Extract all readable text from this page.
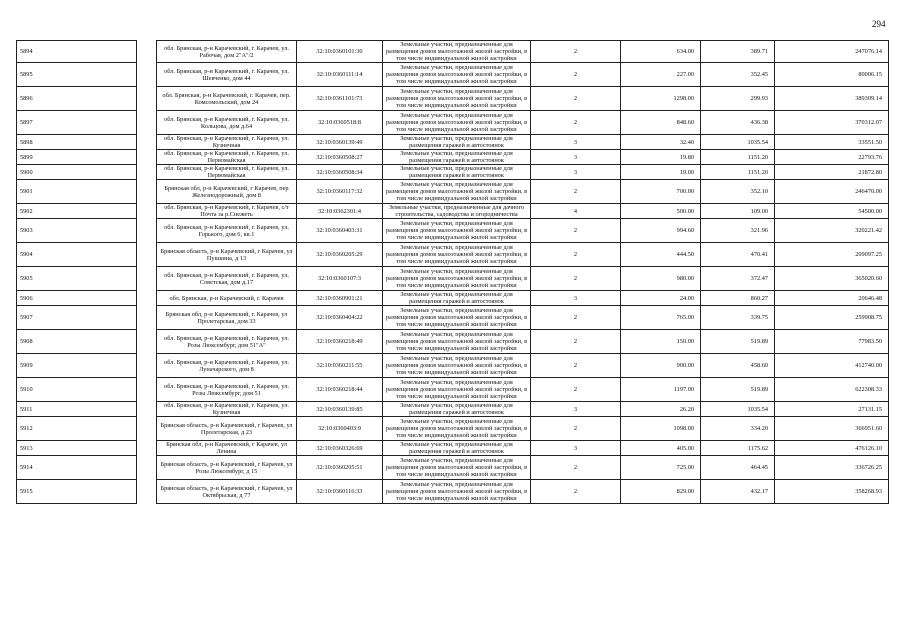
294
5894		обл. Брянская, р-н Карачевский, г. Карачев, ул. Рабочая, дом 2"А"/2	32:10:0360101:30	Земельные участки, предназначенные для размещения домов малоэтажной жилой застройки, в том числе индивидуальной жилой застройки	2	634.00	389.71	247076.14
5895		обл. Брянская, р-н Карачевский, г. Карачев, ул. Шевченко, дом 44	32:10:0360111:14	Земельные участки, предназначенные для размещения домов малоэтажной жилой застройки, в том числе индивидуальной жилой застройки	2	227.00	352.45	80006.15
5896		обл. Брянская, р-н Карачевский, г. Карачев, пер. Комсомольский, дом 24	32:10:0361101:73	Земельные участки, предназначенные для размещения домов малоэтажной жилой застройки, в том числе индивидуальной жилой застройки	2	1298.00	299.93	389309.14
5897		обл. Брянская, р-н Карачевский, г. Карачев, ул. Кольцова, дом д.64	32:10:0360518:8	Земельные участки, предназначенные для размещения домов малоэтажной жилой застройки, в том числе индивидуальной жилой застройки	2	848.60	436.38	370312.07
5898		обл. Брянская, р-н Карачевский, г. Карачев, ул. Кузнечная	32:10:0360139:49	Земельные участки, предназначенные для размещения гаражей и автостоянок	3	32.40	1035.54	33551.50
5899		обл. Брянская, р-н Карачевский, г. Карачев, ул. Первомайская	32:10:0360508:27	Земельные участки, предназначенные для размещения гаражей и автостоянок	3	19.80	1151.20	22793.76
5900		обл. Брянская, р-н Карачевский, г. Карачев, ул. Первомайская	32:10:0360508:34	Земельные участки, предназначенные для размещения гаражей и автостоянок	3	19.00	1151.20	21872.80
5901		Брянская обл, р-н Карачевский, г Карачев, пер Железнодорожный, дом 8	32:10:0360117:32	Земельные участки, предназначенные для размещения домов малоэтажной жилой застройки, в том числе индивидуальной жилой застройки	2	700.00	352.10	246470.00
5902		обл. Брянская, р-н Карачевский, г. Карачев, с/т Почта за р.Снежеть	32:10:0362301:4	Земельные участки, предназначенные для дачного строительства, садоводства и огородничества	4	500.00	109.00	54500.00
5903		обл. Брянская, р-н Карачевский, г. Карачев, ул. Горького, дом 6, кв.1	32:10:0360403:31	Земельные участки, предназначенные для размещения домов малоэтажной жилой застройки, в том числе индивидуальной жилой застройки	2	994.60	321.96	320221.42
5904		Брянская область, р-н Карачевский, г Карачев, ул Пушкина, д 13	32:10:0360205:29	Земельные участки, предназначенные для размещения домов малоэтажной жилой застройки, в том числе индивидуальной жилой застройки	2	444.50	470.41	209097.25
5905		обл. Брянская, р-н Карачевский, г. Карачев, ул. Советская, дом д.17	32:10:0360107:3	Земельные участки, предназначенные для размещения домов малоэтажной жилой застройки, в том числе индивидуальной жилой застройки	2	980.00	372.47	365020.60
5906		обл. Брянская, р-н Карачевский, г. Карачев	32:10:0360901:21	Земельные участки, предназначенные для размещения гаражей и автостоянок	3	24.00	860.27	20646.48
5907		Брянская обл, р-н Карачевский, г. Карачев, ул Пролетарская, дом 33	32:10:0360404:22	Земельные участки, предназначенные для размещения домов малоэтажной жилой застройки, в том числе индивидуальной жилой застройки	2	765.00	339.75	259908.75
5908		обл. Брянская, р-н Карачевский, г. Карачев, ул. Розы Люксембург, дом 51"А"	32:10:0360218:49	Земельные участки, предназначенные для размещения домов малоэтажной жилой застройки, в том числе индивидуальной жилой застройки	2	150.00	519.89	77983.50
5909		обл. Брянская, р-н Карачевский, г. Карачев, ул. Луначарского, дом 8	32:10:0360211:55	Земельные участки, предназначенные для размещения домов малоэтажной жилой застройки, в том числе индивидуальной жилой застройки	2	900.00	458.60	412740.00
5910		обл. Брянская, р-н Карачевский, г. Карачев, ул. Розы Люксембург, дом 51	32:10:0360218:44	Земельные участки, предназначенные для размещения домов малоэтажной жилой застройки, в том числе индивидуальной жилой застройки	2	1197.00	519.89	622308.33
5911		обл. Брянская, р-н Карачевский, г. Карачев, ул. Кузнечная	32:10:0360139:85	Земельные участки, предназначенные для размещения гаражей и автостоянок	3	26.20	1035.54	27131.15
5912		Брянская область, р-н Карачевский, г Карачев, ул Пролетарская, д 23	32:10:0360403:9	Земельные участки, предназначенные для размещения домов малоэтажной жилой застройки, в том числе индивидуальной жилой застройки	2	1098.00	334.20	366951.60
5913		Брянская обл, р-н Карачевский, г Карачев, ул Ленина	32:10:0360326:69	Земельные участки, предназначенные для размещения гаражей и автостоянок	3	405.00	1175.62	476126.10
5914		Брянская область, р-н Карачевский, г Карачев, ул Розы Люксембург, д 15	32:10:0360205:51	Земельные участки, предназначенные для размещения домов малоэтажной жилой застройки, в том числе индивидуальной жилой застройки	2	725.00	464.45	336726.25
5915		Брянская область, р-н Карачевский, г Карачев, ул Октябрьская, д 77	32:10:0360116:33	Земельные участки, предназначенные для размещения домов малоэтажной жилой застройки, в том числе индивидуальной жилой застройки	2	829.00	432.17	358268.93
